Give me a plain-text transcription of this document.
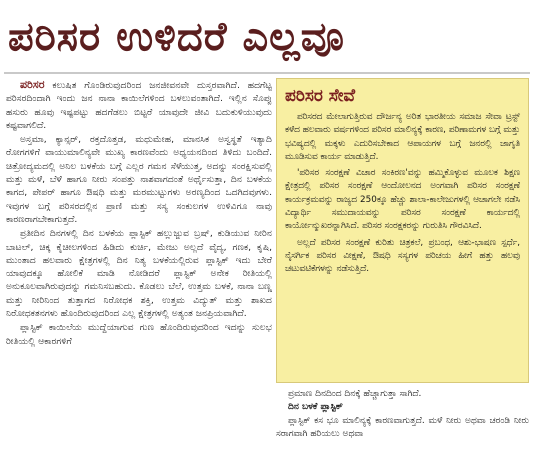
ಪರಿಸರ ಉಳಿದರೆ ಎಲ್ಲವೂ

ಪರಿಸರ ಕಲುಷಿತ ಗೊಂಡಿರುವುದರಿಂದ ಜನಜೀವನವೇ ದುಸ್ತರವಾಗಿದೆ. ಹದಗೆಟ್ಟ ಪರಿಸರದಿಂದಾಗಿ ಇಂದು ಜನ ನಾನಾ ಕಾಯಿಲೆಗಳಿಂದ ಬಳಲುವಂತಾಗಿದೆ. ಇಲ್ಲಿನ ಸೊಪ್ಪು ಹಸುರು ಹೂವು ಇಷ್ಟಪಟ್ಟು ಹದಗೆಡಲು ಬಿಟ್ಟರೆ ಯಾವುದೇ ಜೀವಿ ಬದುಕುಳಿಯುವುದು ಕಷ್ಟವಾಗಲಿದೆ.

ಅಸ್ತಮಾ, ಕ್ಯಾನ್ಸರ್, ರಕ್ತದೊತ್ತಡ, ಮಧುಮೇಹ, ಮಾನಸಿಕ ಅಸ್ವಸ್ಥತೆ ಇತ್ಯಾದಿ ರೋಗಗಳಿಗೆ ವಾಯುಮಾಲಿನ್ಯವೇ ಮುಖ್ಯ ಕಾರಣವೆಂದು ಅಧ್ಯಯನದಿಂದ ತಿಳಿದು ಬಂದಿದೆ. ಚಿತ್ರೋದ್ಯಮದಲ್ಲಿ ಅನಿಲ ಬಳಕೆಯ ಬಗ್ಗೆ ಎಲ್ಲರ ಗಮನ ಸೆಳೆಯುತ್ತ, ಅದನ್ನು ಸಂರಕ್ಷಿಸುವಲ್ಲಿ ಮತ್ತು ಮಳೆ, ಬೆಳೆ ಹಾಗೂ ನೀರು ಸಂಪತ್ತು ನಾಶವಾಗದಂತೆ ಅರ್ಥೈಸುತ್ತಾ, ದಿನ ಬಳಕೆಯ ಕಾಗದ, ಪೇಪರ್ ಹಾಗೂ ಔಷಧಿ ಮತ್ತು ಮರಮುಟ್ಟುಗಳು ಅರಣ್ಯದಿಂದ ಒದಗಿದವುಗಳು. ಇವುಗಳ ಬಗ್ಗೆ ಪರಿಸರದಲ್ಲಿನ ಪ್ರಾಣಿ ಮತ್ತು ಸಸ್ಯ ಸಂಕುಲಗಳ ಉಳಿವಿಗೂ ನಾವು ಕಾರಣರಾಗಬೇಕಾಗುತ್ತದೆ.

ಪ್ರತೀದಿನ ದಿನಗಳಲ್ಲಿ ದಿನ ಬಳಕೆಯ ಪ್ಲಾಸ್ಟಿಕ್ ಹಲ್ಲುಜ್ಜುವ ಬ್ರಷ್, ಕುಡಿಯುವ ನೀರಿನ ಬಾಟಲ್, ಚಿಕ್ಕ ಕೈಚೀಲಗಳಿಂದ ಹಿಡಿದು ಕುರ್ಚಿ, ಮೇಜು ಅಲ್ಲದೆ ವೈದ್ಯ, ಗಣಕ, ಕೃಷಿ, ಮುಂತಾದ ಹಲವಾರು ಕ್ಷೇತ್ರಗಳಲ್ಲಿ ದಿನ ನಿತ್ಯ ಬಳಕೆಯಲ್ಲಿರುವ ಪ್ಲಾಸ್ಟಿಕ್ ಇದು ಬೇರೆ ಯಾವುದಕ್ಕೂ ಹೋಲಿಕೆ ಮಾಡಿ ನೋಡಿದರೆ ಪ್ಲಾಸ್ಟಿಕ್ ಅನೇಕ ರೀತಿಯಲ್ಲಿ ಅನುಕೂಲವಾಗಿರುವುದನ್ನು ಗಮನಿಸಬಹುದು. ಕೊಡಲು ಬೆಲೆ, ಉತ್ತಮ ಬಳಕೆ, ನಾನಾ ಬಣ್ಣ ಮತ್ತು ನೀರಿನಿಂದ ತುತ್ತಾಗದ ನಿರೋಧಕ ಶಕ್ತಿ, ಉತ್ತಮ ವಿದ್ಯುತ್ ಮತ್ತು ಶಾಖದ ನಿರೋಧಕತನಗಳು ಹೊಂದಿರುವುದರಿಂದ ಎಲ್ಲ ಕ್ಷೇತ್ರಗಳಲ್ಲಿ ಅತ್ಯಂತ ಜನಪ್ರಿಯವಾಗಿದೆ.

ಪ್ಲಾಸ್ಟಿಕ್ ಕಾಯಿಲೆಯ ಮುದ್ದೆಯಾಗುವ ಗುಣ ಹೊಂದಿರುವುದರಿಂದ ಇದನ್ನು ಸುಲಭ ರೀತಿಯಲ್ಲಿ ಆಕಾರಗಳಿಗೆ

ಪರಿಸರ ಸೇವೆ

ಪರಿಸರದ ಮೇಲಾಗುತ್ತಿರುವ ದೌರ್ಜನ್ಯ ಅರಿತ ಭಾರತೀಯ ಸಮಾಜ ಸೇವಾ ಟ್ರಸ್ಟ್ ಕಳೆದ ಹಲವಾರು ವರ್ಷಗಳಿಂದ ಪರಿಸರ ಮಾಲಿನ್ಯಕ್ಕೆ ಕಾರಣ, ಪರಿಣಾಮಗಳ ಬಗ್ಗೆ ಮತ್ತು ಭವಿಷ್ಯದಲ್ಲಿ ಮಕ್ಕಳು ಎದುರಿಸಬೇಕಾದ ಆಪಾಯಗಳ ಬಗ್ಗೆ ಜನರಲ್ಲಿ ಜಾಗೃತಿ ಮೂಡಿಸುವ ಕಾರ್ಯ ಮಾಡುತ್ತಿದೆ.

'ಪರಿಸರ ಸಂರಕ್ಷಣೆ ವಿಚಾರ ಸಂಕಿರಣ'ವನ್ನು ಹಮ್ಮಿಕೊಳ್ಳುವ ಮೂಲಕ ಶಿಕ್ಷಣ ಕ್ಷೇತ್ರದಲ್ಲಿ ಪರಿಸರ ಸಂರಕ್ಷಣೆ ಆಂದೋಲನದ ಅಂಗವಾಗಿ ಪರಿಸರ ಸಂರಕ್ಷಣೆ ಕಾರ್ಯಕ್ರಮವನ್ನು ರಾಜ್ಯದ 250ಕ್ಕೂ ಹೆಚ್ಚು ಶಾಲಾ-ಕಾಲೇಜುಗಳಲ್ಲಿ ಆಚಾಗಲೇ ನಡೆಸಿ ವಿದ್ಯಾರ್ಥಿ ಸಮುದಾಯವನ್ನು ಪರಿಸರ ಸಂರಕ್ಷಣೆ ಕಾರ್ಯದಲ್ಲಿ ಕಾರ್ಯೋನ್ಮುಖರನ್ನಾಗಿಸಿದೆ. ಪರಿಸರ ಸಂರಕ್ಷಕರನ್ನು ಗುರುತಿಸಿ ಗೌರವಿಸಿದೆ.

ಅಲ್ಲದೆ ಪರಿಸರ ಸಂರಕ್ಷಣೆ ಕುರಿತು ಚಿತ್ರಕಲೆ, ಪ್ರಬಂಧ, ಆಶು-ಭಾಷಣ ಸ್ಪರ್ಧೆ, ನೈಸರ್ಗಿಕ ಪರಿಸರ ವೀಕ್ಷಣೆ, ಔಷಧಿ ಸಸ್ಯಗಳ ಪರಿಚಯ ಹೀಗೆ ಹತ್ತು ಹಲವು ಚಟುವಟಿಕೆಗಳನ್ನು ನಡೆಸುತ್ತಿದೆ.

ಪ್ರಮಾಣ ದಿನದಿಂದ ದಿನಕ್ಕೆ ಹೆಚ್ಚಾಗುತ್ತಾ ಸಾಗಿದೆ.

ದಿನ ಬಳಕೆ ಪ್ಲಾಸ್ಟಿಕ್

ಪ್ಲಾಸ್ಟಿಕ್ ಕಸ ಭೂ ಮಾಲಿನ್ಯಕ್ಕೆ ಕಾರಣವಾಗುತ್ತದೆ. ಮಳೆ ನೀರು ಅಥವಾ ಚರಂಡಿ ನೀರು ಸರಾಗವಾಗಿ ಹರಿಯಲು ಅಥವಾ
